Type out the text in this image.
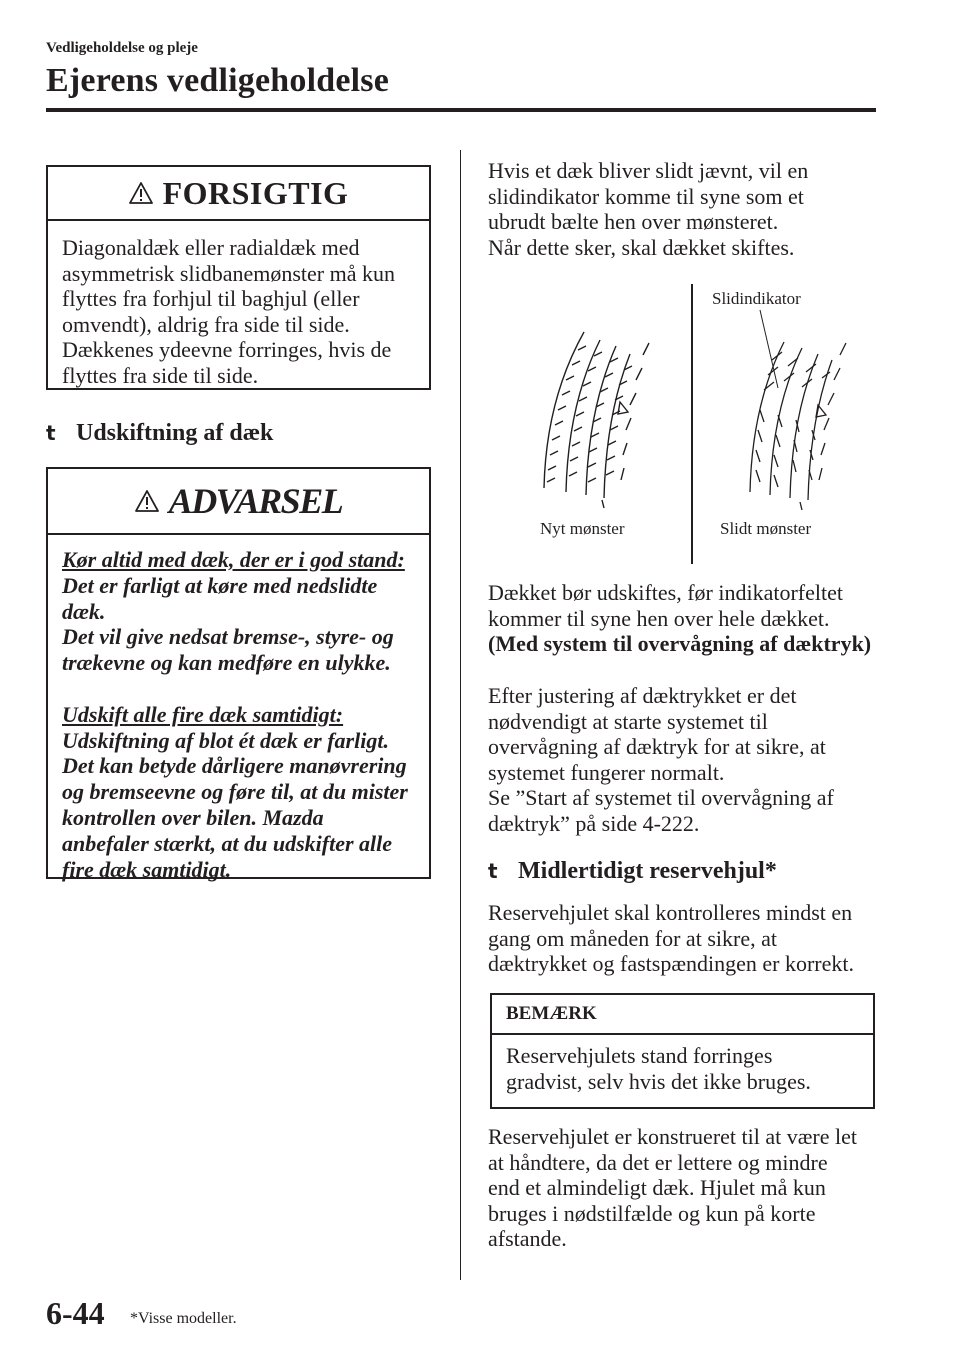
Vedligeholdelse og pleje
Ejerens vedligeholdelse
FORSIGTIG
Diagonaldæk eller radialdæk med
asymmetrisk slidbanemønster må kun
flyttes fra forhjul til baghjul (eller
omvendt), aldrig fra side til side.
Dækkenes ydeevne forringes, hvis de
flyttes fra side til side.
t Udskiftning af dæk
ADVARSEL

Kør altid med dæk, der er i god stand:

Det er farligt at køre med nedslidte

dæk.

Det vil give nedsat bremse-, styre- og

trækevne og kan medføre en ulykke.

Udskift alle fire dæk samtidigt:

Udskiftning af blot ét dæk er farligt.

Det kan betyde dårligere manøvrering

og bremseevne og føre til, at du mister

kontrollen over bilen. Mazda

anbefaler stærkt, at du udskifter alle

fire dæk samtidigt.

Hvis et dæk bliver slidt jævnt, vil en

slidindikator komme til syne som et

ubrudt bælte hen over mønsteret.

Når dette sker, skal dækket skiftes.

Slidindikator
Nyt mønster	Slidt mønster

Dækket bør udskiftes, før indikatorfeltet

kommer til syne hen over hele dækket.

(Med system til overvågning af dæktryk)

Efter justering af dæktrykket er det

nødvendigt at starte systemet til

overvågning af dæktryk for at sikre, at

systemet fungerer normalt.

Se ”Start af systemet til overvågning af

dæktryk” på side 4-222.

t Midlertidigt reservehjul*

Reservehjulet skal kontrolleres mindst en

gang om måneden for at sikre, at

dæktrykket og fastspændingen er korrekt.

BEMÆRK
Reservehjulets stand forringes
gradvist, selv hvis det ikke bruges.

Reservehjulet er konstrueret til at være let

at håndtere, da det er lettere og mindre

end et almindeligt dæk. Hjulet må kun

bruges i nødstilfælde og kun på korte

afstande.

6-44 *Visse modeller.
